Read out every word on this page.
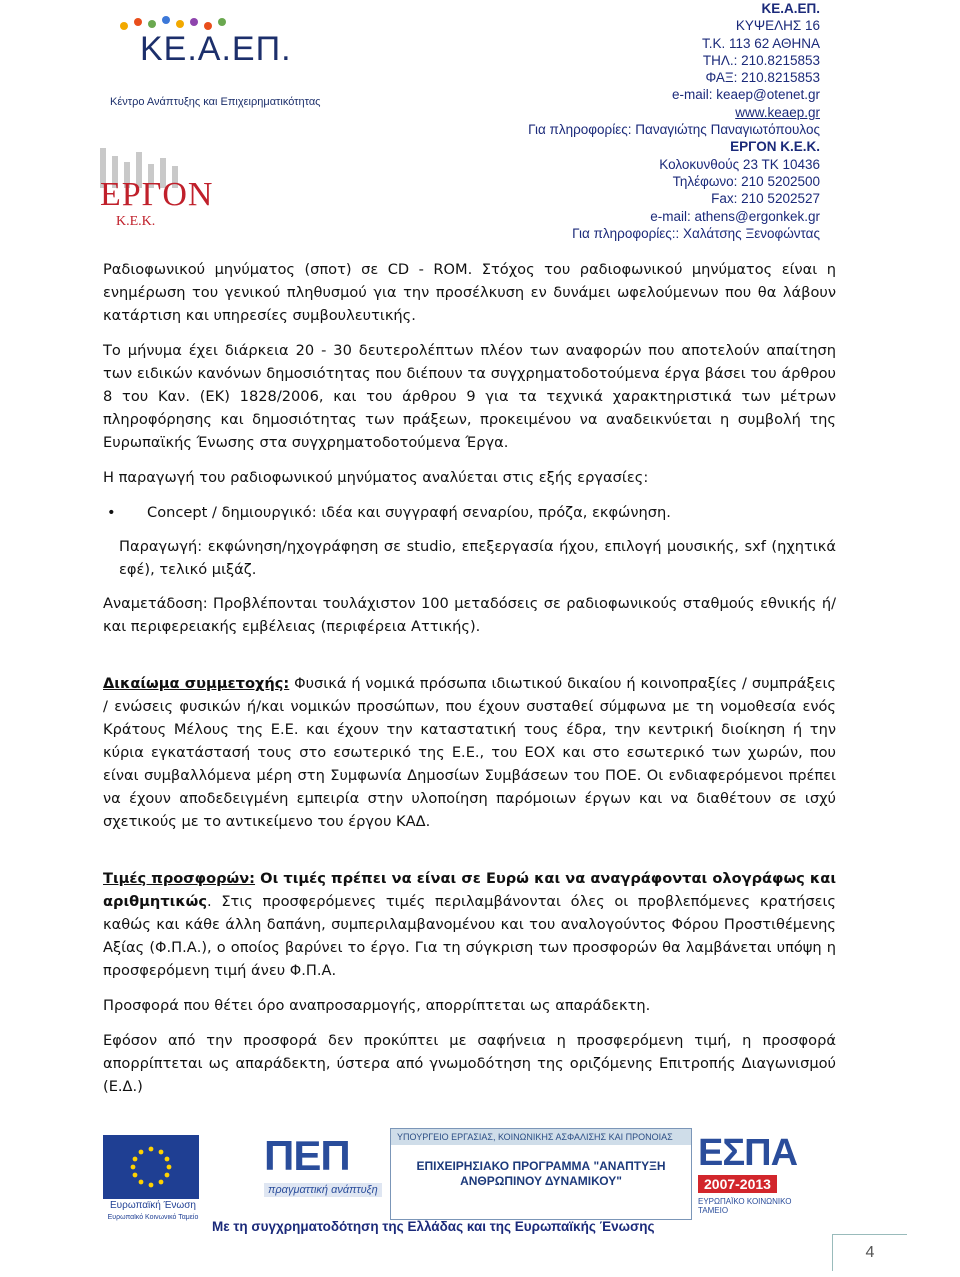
ΚΕ.Α.ΕΠ.
Κέντρο Ανάπτυξης και Επιχειρηματικότητας
ΕΡΓΟΝ
Κ.Ε.Κ.
ΚΕ.Α.ΕΠ.
ΚΥΨΕΛΗΣ 16
Τ.Κ. 113 62 ΑΘΗΝΑ
ΤΗΛ.: 210.8215853
ΦΑΞ: 210.8215853
e-mail: keaep@otenet.gr
www.keaep.gr
Για πληροφορίες: Παναγιώτης Παναγιωτόπουλος
ΕΡΓΟΝ Κ.Ε.Κ.
Κολοκυνθούς 23 ΤΚ 10436
Τηλέφωνο: 210 5202500
Fax: 210 5202527
e-mail: athens@ergonkek.gr
Για πληροφορίες:: Χαλάτσης Ξενοφώντας

Ραδιοφωνικού μηνύματος (σποτ) σε CD - ROM. Στόχος του ραδιοφωνικού μηνύματος είναι η ενημέρωση του γενικού πληθυσμού για την προσέλκυση εν δυνάμει ωφελούμενων που θα λάβουν κατάρτιση και υπηρεσίες συμβουλευτικής.

Το μήνυμα έχει διάρκεια 20 - 30 δευτερολέπτων πλέον των αναφορών που αποτελούν απαίτηση των ειδικών κανόνων δημοσιότητας που διέπουν τα συγχρηματοδοτούμενα έργα βάσει του άρθρου 8 του Καν. (ΕΚ) 1828/2006, και του άρθρου 9 για τα τεχνικά χαρακτηριστικά των μέτρων πληροφόρησης και δημοσιότητας των πράξεων, προκειμένου να αναδεικνύεται η συμβολή της Ευρωπαϊκής Ένωσης στα συγχρηματοδοτούμενα Έργα.

Η παραγωγή του ραδιοφωνικού μηνύματος αναλύεται στις εξής εργασίες:

• Concept / δημιουργικό: ιδέα και συγγραφή σεναρίου, πρόζα, εκφώνηση.

Παραγωγή: εκφώνηση/ηχογράφηση σε studio, επεξεργασία ήχου, επιλογή μουσικής, sxf (ηχητικά εφέ), τελικό μιξάζ.

Αναμετάδοση: Προβλέπονται τουλάχιστον 100 μεταδόσεις σε ραδιοφωνικούς σταθμούς εθνικής ή/ και περιφερειακής εμβέλειας (περιφέρεια Αττικής).

Δικαίωμα συμμετοχής: Φυσικά ή νομικά πρόσωπα ιδιωτικού δικαίου ή κοινοπραξίες / συμπράξεις / ενώσεις φυσικών ή/και νομικών προσώπων, που έχουν συσταθεί σύμφωνα με τη νομοθεσία ενός Κράτους Μέλους της Ε.Ε. και έχουν την καταστατική τους έδρα, την κεντρική διοίκηση ή την κύρια εγκατάστασή τους στο εσωτερικό της Ε.Ε., του ΕΟΧ και στο εσωτερικό των χωρών, που είναι συμβαλλόμενα μέρη στη Συμφωνία Δημοσίων Συμβάσεων του ΠΟΕ. Οι ενδιαφερόμενοι πρέπει να έχουν αποδεδειγμένη εμπειρία στην υλοποίηση παρόμοιων έργων και να διαθέτουν σε ισχύ σχετικούς με το αντικείμενο του έργου ΚΑΔ.

Τιμές προσφορών: Οι τιμές πρέπει να είναι σε Ευρώ και να αναγράφονται ολογράφως και αριθμητικώς. Στις προσφερόμενες τιμές περιλαμβάνονται όλες οι προβλεπόμενες κρατήσεις καθώς και κάθε άλλη δαπάνη, συμπεριλαμβανομένου και του αναλογούντος Φόρου Προστιθέμενης Αξίας (Φ.Π.Α.), ο οποίος βαρύνει το έργο. Για τη σύγκριση των προσφορών θα λαμβάνεται υπόψη η προσφερόμενη τιμή άνευ Φ.Π.Α.

Προσφορά που θέτει όρο αναπροσαρμογής, απορρίπτεται ως απαράδεκτη.

Εφόσον από την προσφορά δεν προκύπτει με σαφήνεια η προσφερόμενη τιμή, η προσφορά απορρίπτεται ως απαράδεκτη, ύστερα από γνωμοδότηση της οριζόμενης Επιτροπής Διαγωνισμού (Ε.Δ.)

Ευρωπαϊκή Ένωση
Ευρωπαϊκό Κοινωνικό Ταμείο
ΠΕΠ
πραγματτική ανάπτυξη
ΥΠΟΥΡΓΕΙΟ ΕΡΓΑΣΙΑΣ, ΚΟΙΝΩΝΙΚΗΣ ΑΣΦΑΛΙΣΗΣ ΚΑΙ ΠΡΟΝΟΙΑΣ
ΕΠΙΧΕΙΡΗΣΙΑΚΟ ΠΡΟΓΡΑΜΜΑ "ΑΝΑΠΤΥΞΗ ΑΝΘΡΩΠΙΝΟΥ ΔΥΝΑΜΙΚΟΥ"
ΕΣΠΑ
2007-2013
ΕΥΡΩΠΑΪΚΟ ΚΟΙΝΩΝΙΚΟ ΤΑΜΕΙΟ
Με τη συγχρηματοδότηση της Ελλάδας και της Ευρωπαϊκής Ένωσης
4
